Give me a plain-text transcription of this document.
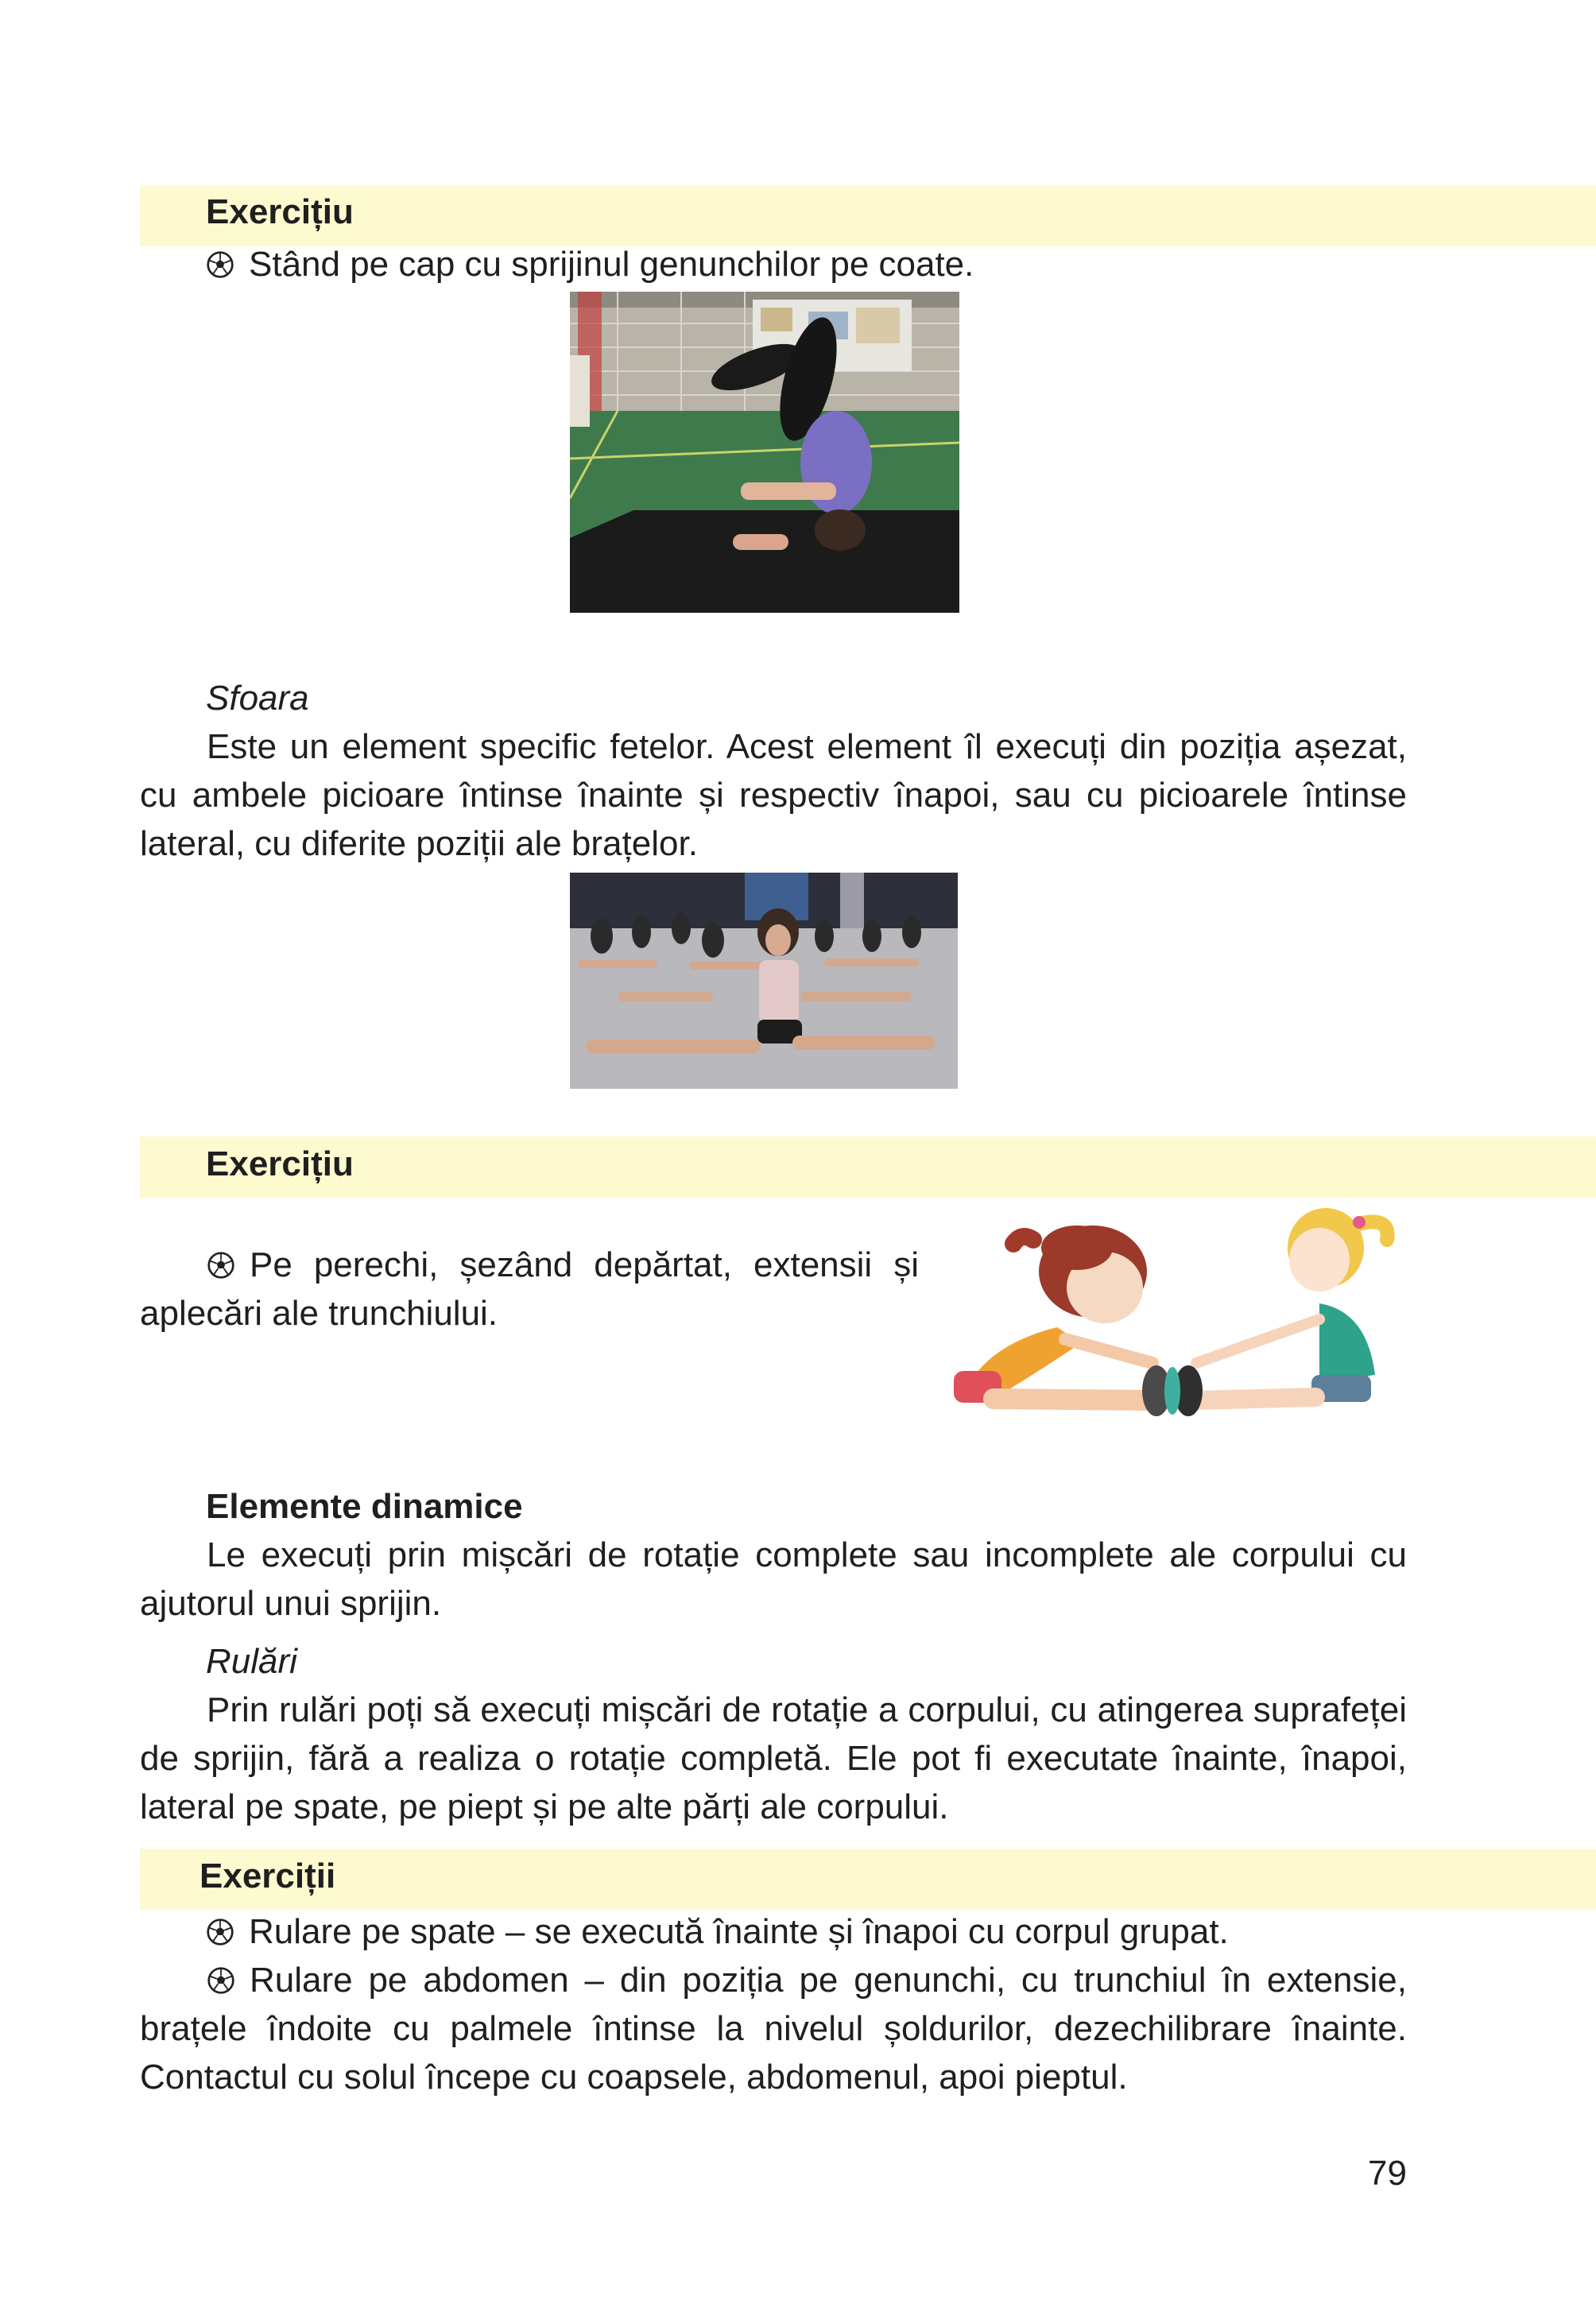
Exercițiu
Stând pe cap cu sprijinul genunchilor pe coate.
Sfoara
Este un element specific fetelor. Acest element îl execuți din poziția așezat, cu ambele picioare întinse înainte și respectiv înapoi, sau cu picioarele întinse lateral, cu diferite poziții ale brațelor.
Exercițiu
Pe perechi, șezând depărtat, extensii și aplecări ale trunchiului.
Elemente dinamice
Le execuți prin mișcări de rotație complete sau incomplete ale corpului cu ajutorul unui sprijin.
Rulări
Prin rulări poți să execuți mișcări de rotație a corpului, cu atingerea suprafeței de sprijin, fără a realiza o rotație completă. Ele pot fi executate înainte, înapoi, lateral pe spate, pe piept și pe alte părți ale corpului.
Exerciții
Rulare pe spate – se execută înainte și înapoi cu corpul grupat.
Rulare pe abdomen – din poziția pe genunchi, cu trunchiul în extensie, brațele îndoite cu palmele întinse la nivelul șoldurilor, dezechilibrare înainte. Contactul cu solul începe cu coapsele, abdomenul, apoi pieptul.
79
